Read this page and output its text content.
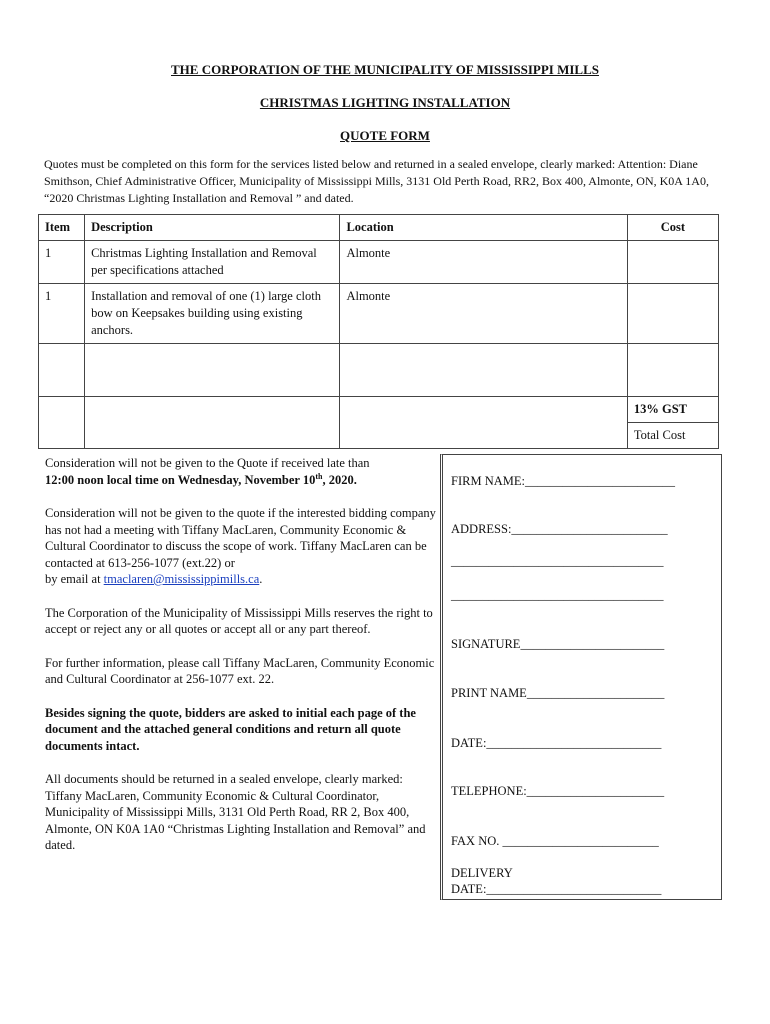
THE CORPORATION OF THE MUNICIPALITY OF MISSISSIPPI MILLS
CHRISTMAS LIGHTING INSTALLATION
QUOTE FORM
Quotes must be completed on this form for the services listed below and returned in a sealed envelope, clearly marked: Attention: Diane Smithson, Chief Administrative Officer, Municipality of Mississippi Mills, 3131 Old Perth Road, RR2, Box 400, Almonte, ON, K0A 1A0, “2020 Christmas Lighting Installation and Removal ” and dated.
Item	Description	Location	Cost
1	Christmas Lighting Installation and Removal per specifications attached	Almonte	
1	Installation and removal of one (1) large cloth bow on Keepsakes building using existing anchors.	Almonte	

			13% GST
			Total Cost

Consideration will not be given to the Quote if received late than
12:00 noon local time on Wednesday, November 10th, 2020.

Consideration will not be given to the quote if the interested bidding company has not had a meeting with Tiffany MacLaren, Community Economic & Cultural Coordinator to discuss the scope of work. Tiffany MacLaren can be contacted at 613-256-1077 (ext.22) or
by email at tmaclaren@mississippimills.ca.

The Corporation of the Municipality of Mississippi Mills reserves the right to accept or reject any or all quotes or accept all or any part thereof.

For further information, please call Tiffany MacLaren, Community Economic and Cultural Coordinator at 256-1077 ext. 22.

Besides signing the quote, bidders are asked to initial each page of the document and the attached general conditions and return all quote documents intact.

All documents should be returned in a sealed envelope, clearly marked: Tiffany MacLaren, Community Economic & Cultural Coordinator, Municipality of Mississippi Mills, 3131 Old Perth Road, RR 2, Box 400, Almonte, ON K0A 1A0 “Christmas Lighting Installation and Removal” and dated.

FIRM NAME:________________________
ADDRESS:_________________________
__________________________________
__________________________________
SIGNATURE_______________________
PRINT NAME______________________
DATE:____________________________
TELEPHONE:______________________
FAX NO. _________________________
DELIVERY
DATE:____________________________
